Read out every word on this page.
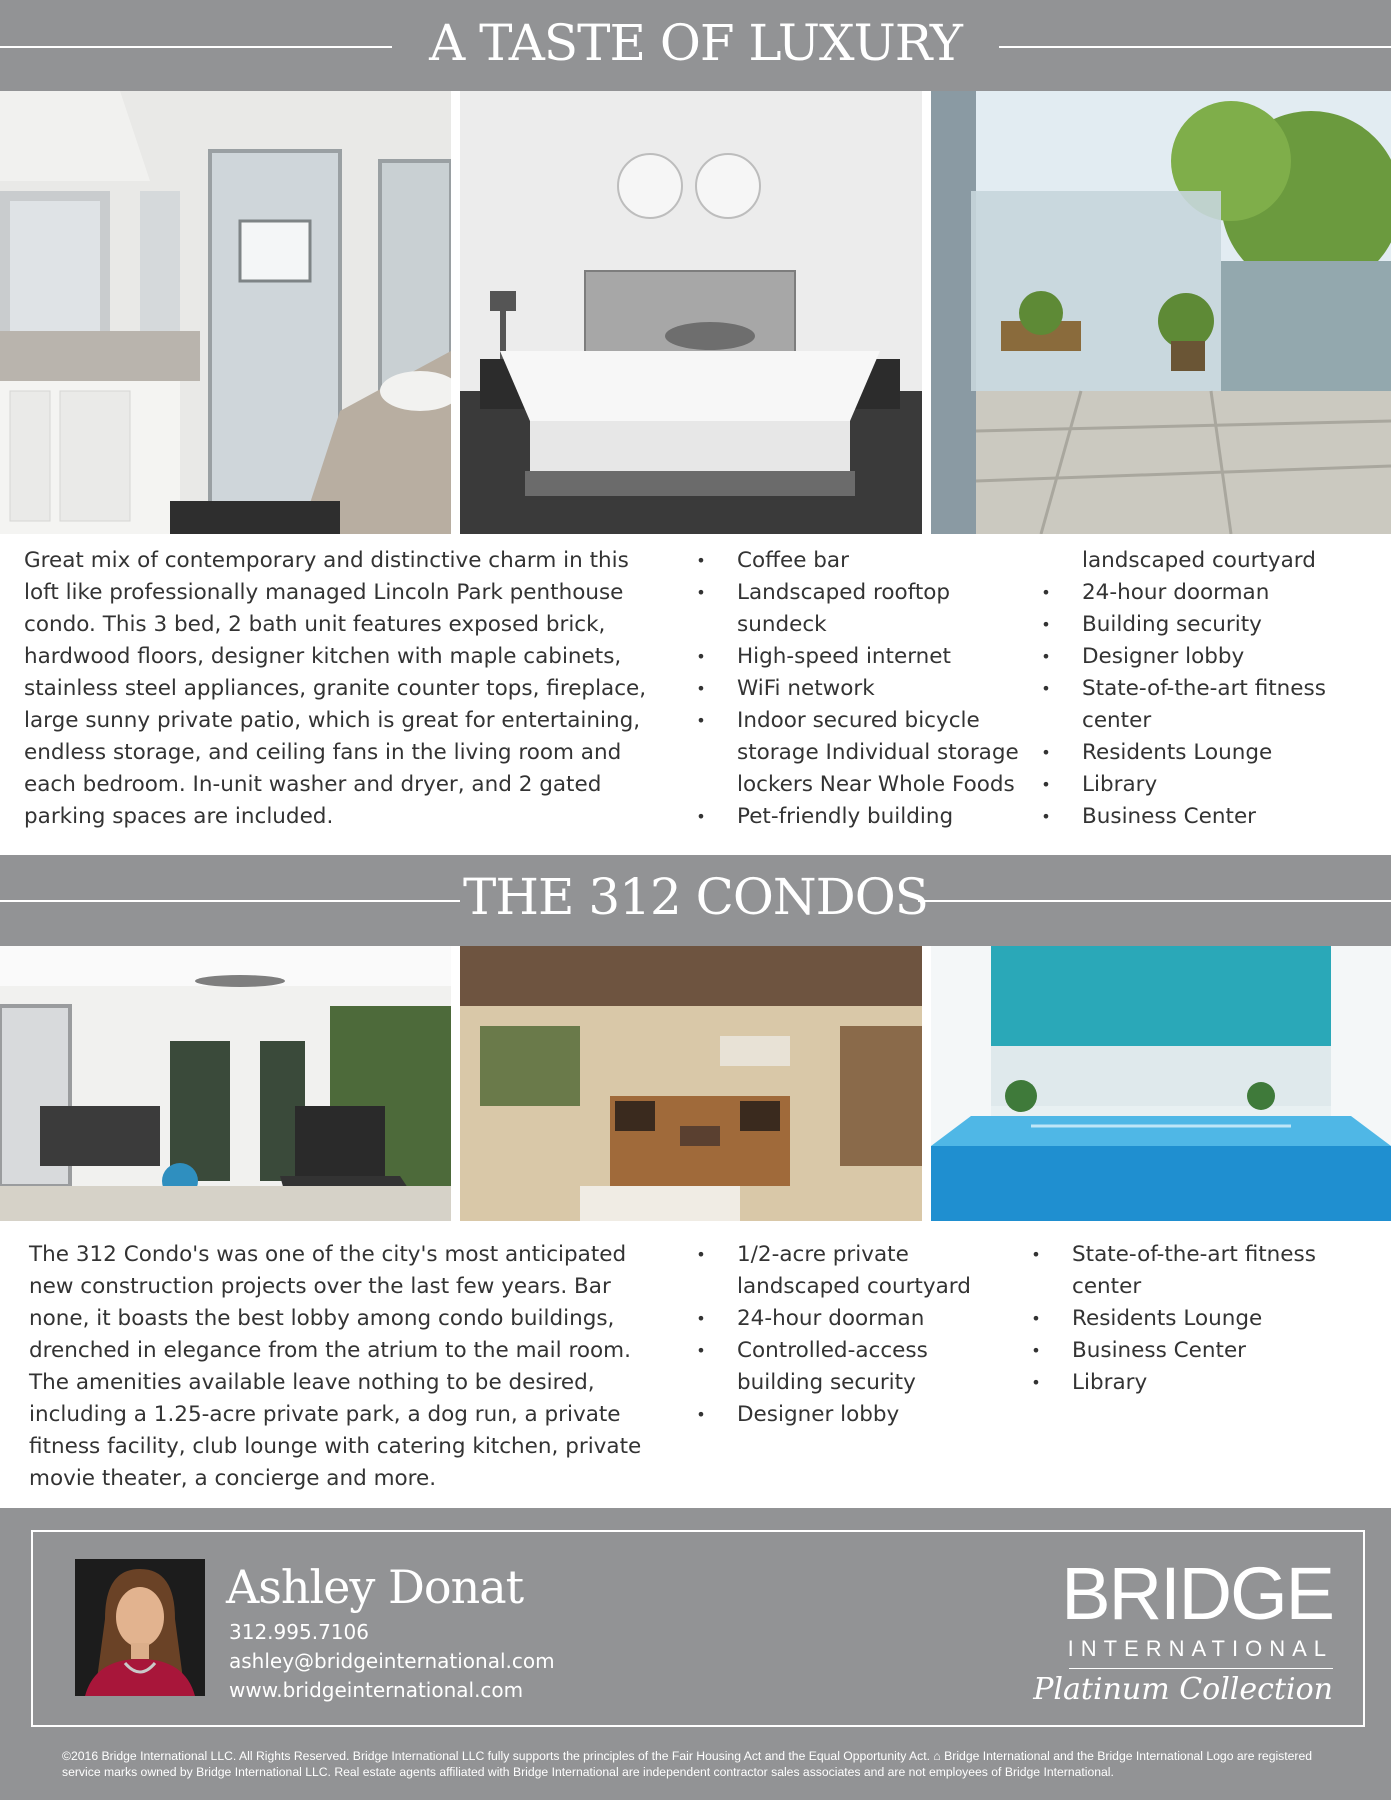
A TASTE OF LUXURY
Great mix of contemporary and distinctive charm in this loft like professionally managed Lincoln Park penthouse condo. This 3 bed, 2 bath unit features exposed brick, hardwood floors, designer kitchen with maple cabinets, stainless steel appliances, granite counter tops, fireplace, large sunny private patio, which is great for entertaining, endless storage, and ceiling fans in the living room and each bedroom. In-unit washer and dryer, and 2 gated parking spaces are included.
• Coffee bar
• Landscaped rooftop sundeck
• High-speed internet
• WiFi network
• Indoor secured bicycle storage Individual storage lockers Near Whole Foods
• Pet-friendly building
landscaped courtyard
• 24-hour doorman
• Building security
• Designer lobby
• State-of-the-art fitness center
• Residents Lounge
• Library
• Business Center
THE 312 CONDOS
The 312 Condo's was one of the city's most anticipated new construction projects over the last few years. Bar none, it boasts the best lobby among condo buildings, drenched in elegance from the atrium to the mail room. The amenities available leave nothing to be desired, including a 1.25-acre private park, a dog run, a private fitness facility, club lounge with catering kitchen, private movie theater, a concierge and more.
• 1/2-acre private landscaped courtyard
• 24-hour doorman
• Controlled-access building security
• Designer lobby
• State-of-the-art fitness center
• Residents Lounge
• Business Center
• Library
Ashley Donat
312.995.7106
ashley@bridgeinternational.com
www.bridgeinternational.com
BRIDGE
INTERNATIONAL
Platinum Collection
©2016 Bridge International LLC. All Rights Reserved. Bridge International LLC fully supports the principles of the Fair Housing Act and the Equal Opportunity Act. ⌂ Bridge International and the Bridge International Logo are registered service marks owned by Bridge International LLC. Real estate agents affiliated with Bridge International are independent contractor sales associates and are not employees of Bridge International.
